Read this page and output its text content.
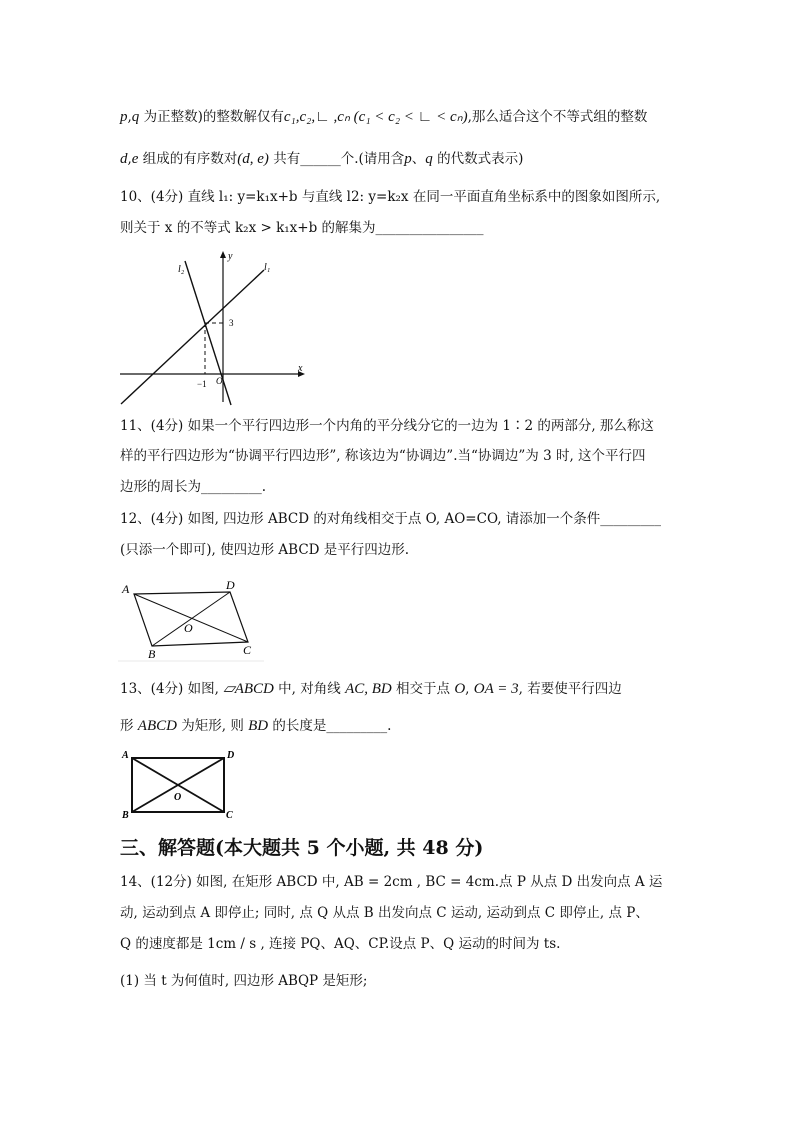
p,q 为正整数)的整数解仅有c₁,c₂,∟ ,cₙ (c₁ < c₂ < ∟ < cₙ),那么适合这个不等式组的整数
d,e 组成的有序数对(d, e) 共有______个.(请用含p、q 的代数式表示)
10、(4分) 直线 l₁: y=k₁x+b 与直线 l2: y=k₂x 在同一平面直角坐标系中的图象如图所示,
则关于 x 的不等式 k₂x > k₁x+b 的解集为________________
l₂	l₁
y
x
3
−1 O
11、(4分) 如果一个平行四边形一个内角的平分线分它的一边为 1∶2 的两部分, 那么称这
样的平行四边形为“协调平行四边形”, 称该边为“协调边”.当“协调边”为 3 时, 这个平行四
边形的周长为_________.
12、(4分) 如图, 四边形 ABCD 的对角线相交于点 O, AO=CO, 请添加一个条件_________
(只添一个即可), 使四边形 ABCD 是平行四边形.
A	D
B	C
O
13、(4分) 如图, ▱ABCD 中, 对角线 AC, BD 相交于点 O, OA = 3, 若要使平行四边
形 ABCD 为矩形, 则 BD 的长度是_________.
A	D
B	C
O
三、解答题(本大题共 5 个小题, 共 48 分)
14、(12分) 如图, 在矩形 ABCD 中, AB = 2cm , BC = 4cm.点 P 从点 D 出发向点 A 运
动, 运动到点 A 即停止; 同时, 点 Q 从点 B 出发向点 C 运动, 运动到点 C 即停止, 点 P、
Q 的速度都是 1cm / s , 连接 PQ、AQ、CP.设点 P、Q 运动的时间为 ts.
(1) 当 t 为何值时, 四边形 ABQP 是矩形;
